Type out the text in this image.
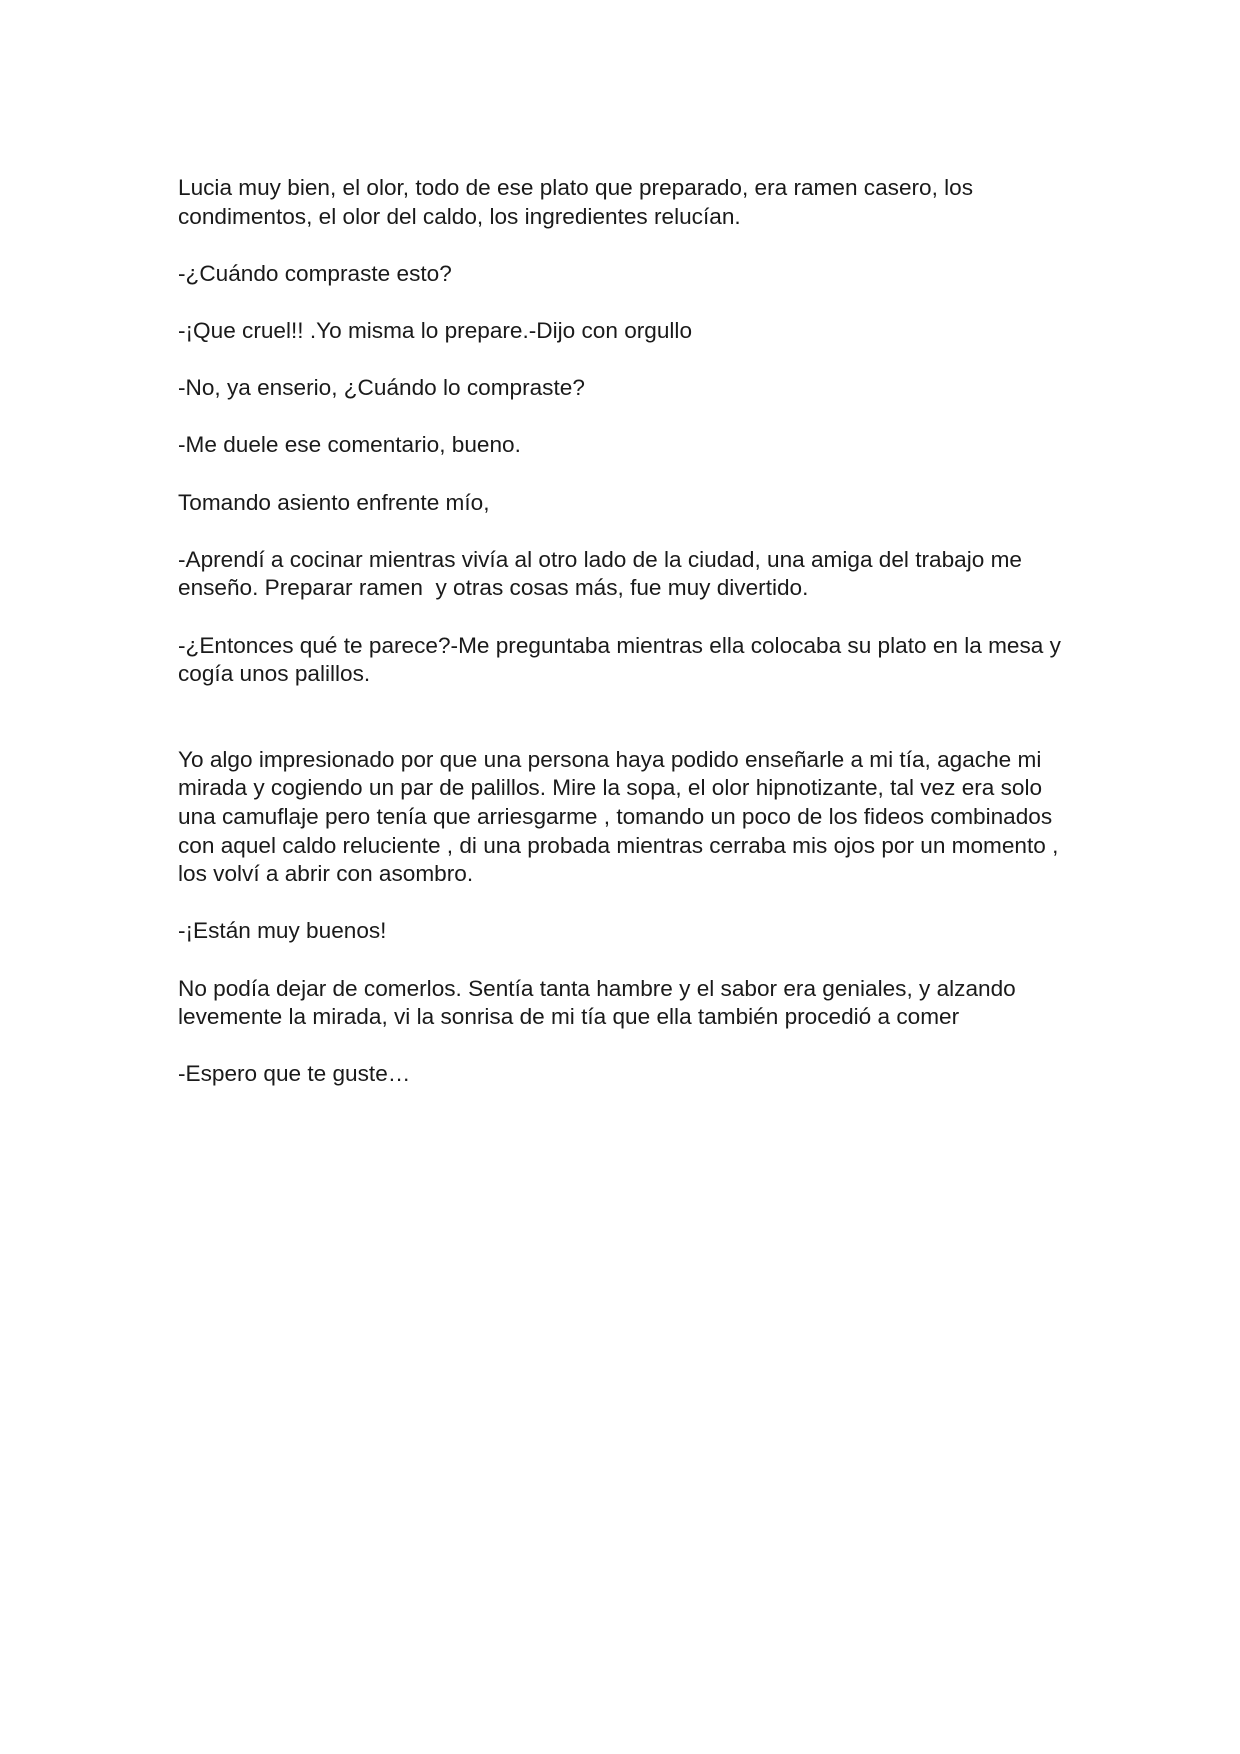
Lucia muy bien, el olor, todo de ese plato que preparado, era ramen casero, los condimentos, el olor del caldo, los ingredientes relucían.

-¿Cuándo compraste esto?

-¡Que cruel!! .Yo misma lo prepare.-Dijo con orgullo

-No, ya enserio, ¿Cuándo lo compraste?

-Me duele ese comentario, bueno.

Tomando asiento enfrente mío,

-Aprendí a cocinar mientras vivía al otro lado de la ciudad, una amiga del trabajo me enseño. Preparar ramen  y otras cosas más, fue muy divertido.

-¿Entonces qué te parece?-Me preguntaba mientras ella colocaba su plato en la mesa y cogía unos palillos.

Yo algo impresionado por que una persona haya podido enseñarle a mi tía, agache mi mirada y cogiendo un par de palillos. Mire la sopa, el olor hipnotizante, tal vez era solo una camuflaje pero tenía que arriesgarme , tomando un poco de los fideos combinados con aquel caldo reluciente , di una probada mientras cerraba mis ojos por un momento , los volví a abrir con asombro.

-¡Están muy buenos!

No podía dejar de comerlos. Sentía tanta hambre y el sabor era geniales, y alzando levemente la mirada, vi la sonrisa de mi tía que ella también procedió a comer

-Espero que te guste…
